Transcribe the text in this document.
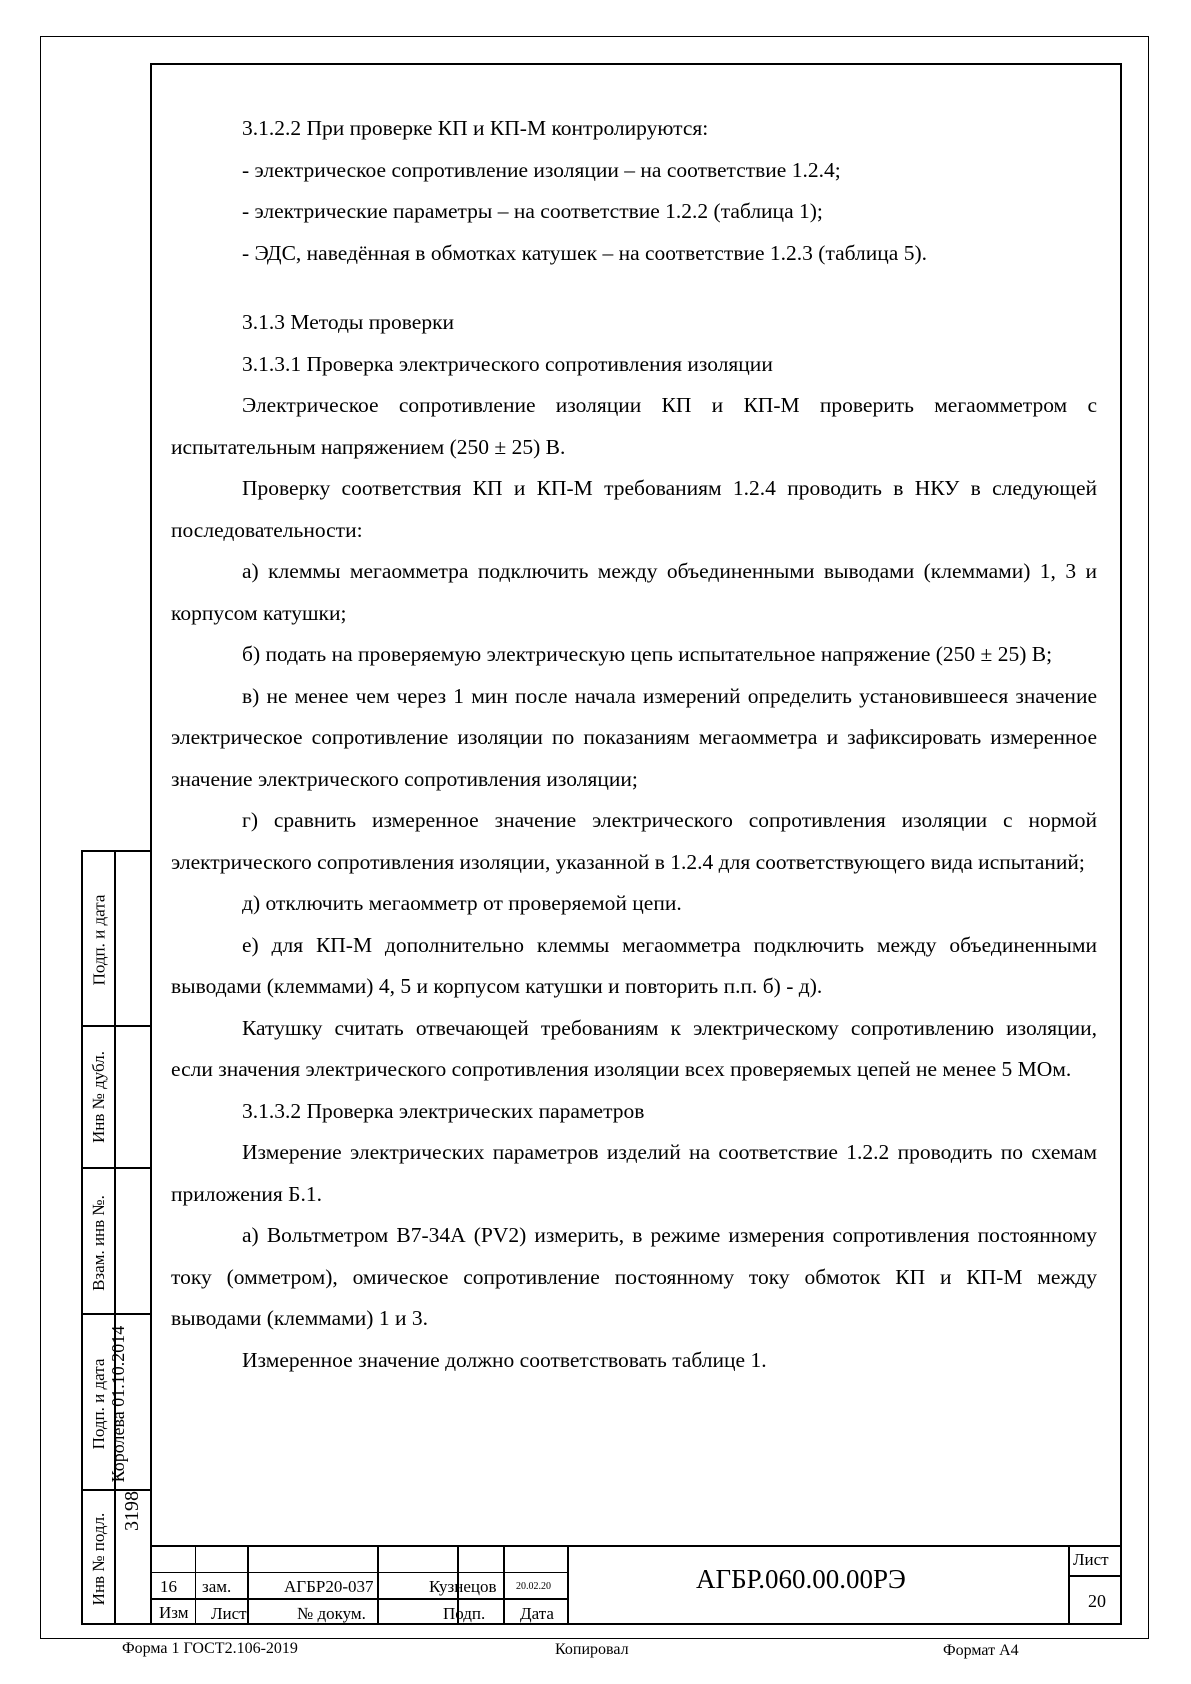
3.1.2.2 При проверке КП и КП-М контролируются:

- электрическое сопротивление изоляции – на соответствие 1.2.4;

- электрические параметры – на соответствие 1.2.2 (таблица 1);

- ЭДС, наведённая в обмотках катушек – на соответствие 1.2.3 (таблица 5).

3.1.3 Методы проверки

3.1.3.1 Проверка электрического сопротивления изоляции

Электрическое сопротивление изоляции КП и КП-М проверить мегаомметром с испытательным напряжением (250 ± 25) В.

Проверку соответствия КП и КП-М требованиям 1.2.4 проводить в НКУ в следующей последовательности:

а) клеммы мегаомметра подключить между объединенными выводами (клеммами) 1, 3 и корпусом катушки;

б) подать на проверяемую электрическую цепь испытательное напряжение (250 ± 25) В;

в) не менее чем через 1 мин после начала измерений определить установившееся значение электрическое сопротивление изоляции по показаниям мегаомметра и зафиксировать измеренное значение электрического сопротивления изоляции;

г) сравнить измеренное значение электрического сопротивления изоляции с нормой электрического сопротивления изоляции, указанной в 1.2.4 для соответствующего вида испытаний;

д) отключить мегаомметр от проверяемой цепи.

е) для КП-М дополнительно клеммы мегаомметра подключить между объединенными выводами (клеммами) 4, 5 и корпусом катушки и повторить п.п. б) - д).

Катушку считать отвечающей требованиям к электрическому сопротивлению изоляции, если значения электрического сопротивления изоляции всех проверяемых цепей не менее 5 МОм.

3.1.3.2 Проверка электрических параметров

Измерение электрических параметров изделий на соответствие 1.2.2 проводить по схемам приложения Б.1.

а) Вольтметром В7-34А (PV2) измерить, в режиме измерения сопротивления постоянному току (омметром), омическое сопротивление постоянному току обмоток КП и КП-М между выводами (клеммами) 1 и 3.

Измеренное значение должно соответствовать таблице 1.

Подп. и дата
Инв № дубл.
Взам. инв №.
Подп. и дата Королева 01.10.2014
Инв № подл.
3198
16 зам.	АГБР20-037	Кузнецов 20.02.20
Изм Лист	№ докум.	Подп. Дата
АГБР.060.00.00РЭ
Лист
20
Форма 1 ГОСТ2.106-2019	Копировал	Формат А4
